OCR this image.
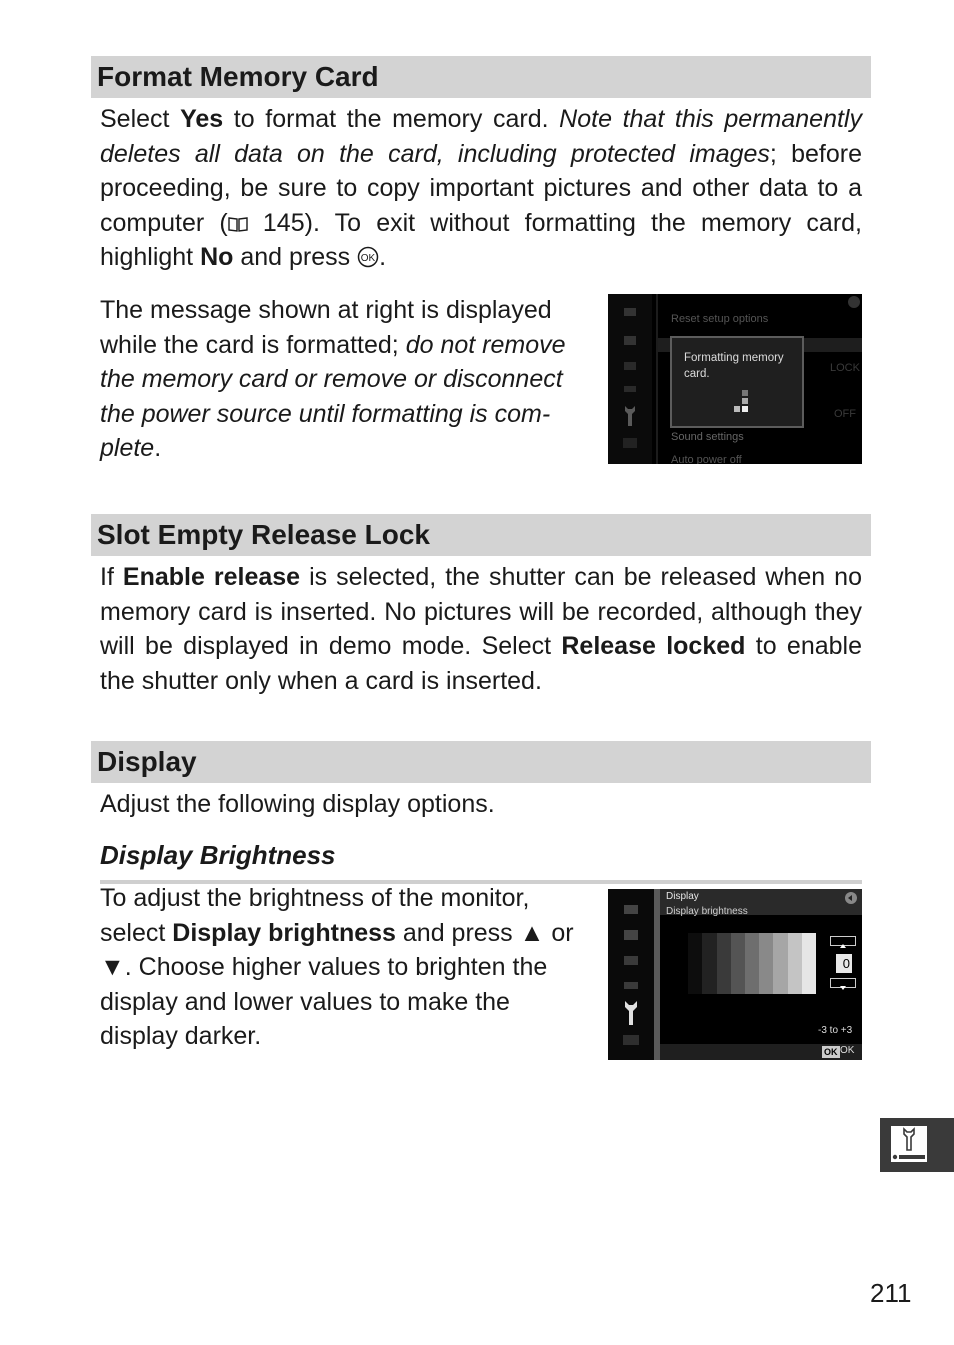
Format Memory Card

Select Yes to format the memory card. Note that this permanently deletes all data on the card, including protected images; before proceeding, be sure to copy important pictures and other data to a computer ( 145). To exit without formatting the memory card, highlight No and press OK .

The message shown at right is displayed while the card is formatted; do not remove the memory card or remove or disconnect the power source until formatting is com-plete.

Reset setup options
LOCK
OFF
Formatting memory card.
Sound settings
Auto power off
Slot Empty Release Lock

If Enable release is selected, the shutter can be released when no memory card is inserted. No pictures will be recorded, although they will be displayed in demo mode. Select Release locked to enable the shutter only when a card is inserted.

Display

Adjust the following display options.

Display Brightness

To adjust the brightness of the monitor, select Display brightness and press ▲ or ▼. Choose higher values to brighten the display and lower values to make the display darker.

Display
Display brightness
0
-3 to +3
OK OK
211
